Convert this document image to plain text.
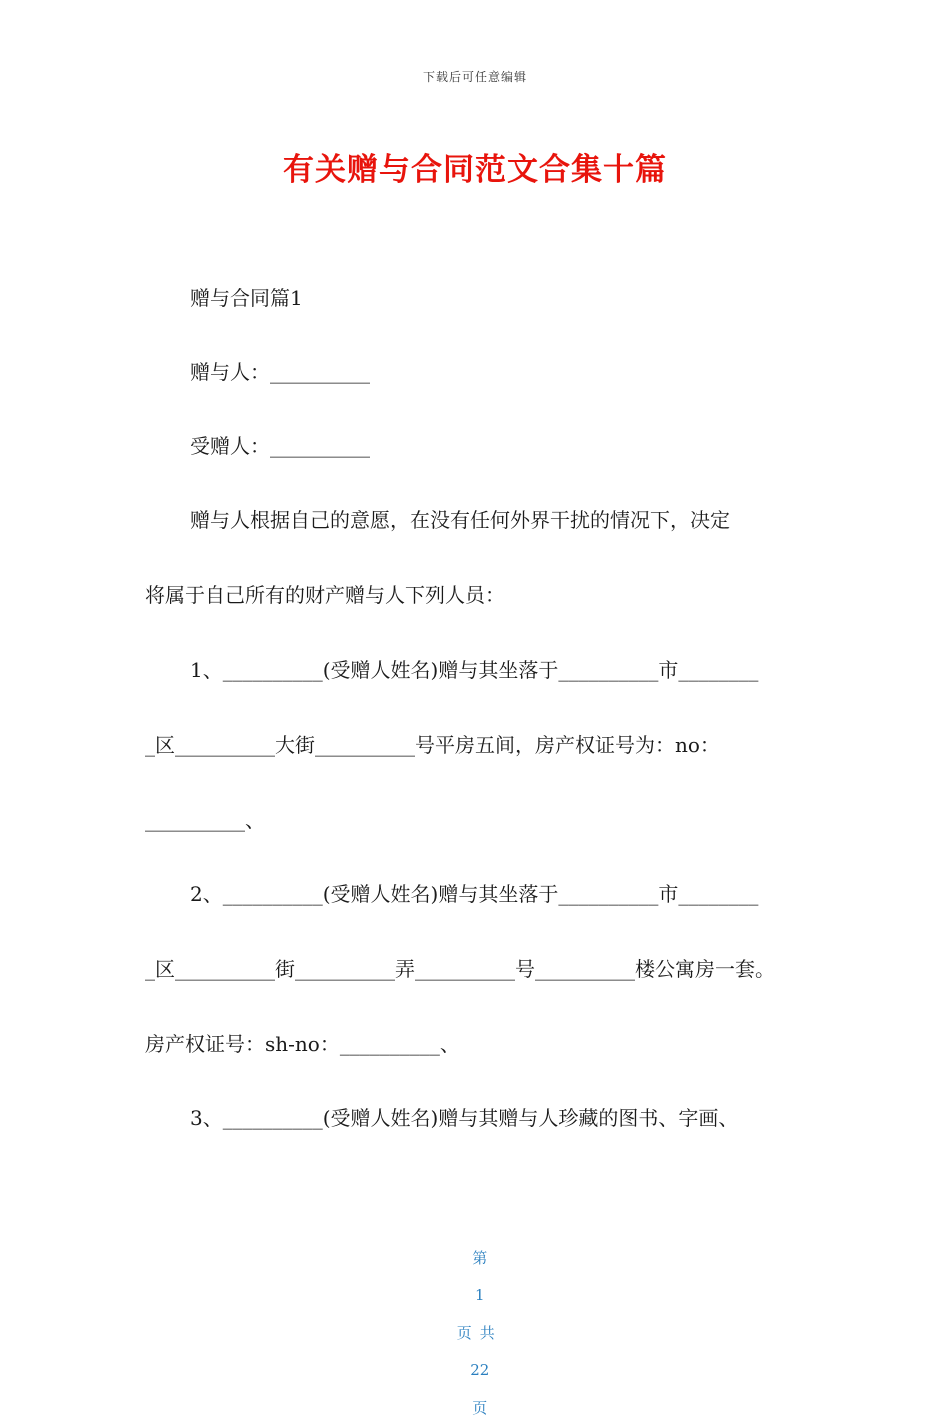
下载后可任意编辑
有关赠与合同范文合集十篇
赠与合同篇1
赠与人：__________
受赠人：__________
赠与人根据自己的意愿，在没有任何外界干扰的情况下，决定
将属于自己所有的财产赠与人下列人员：
1、__________(受赠人姓名)赠与其坐落于__________市________
_区__________大街__________号平房五间，房产权证号为：no：
__________、
2、__________(受赠人姓名)赠与其坐落于__________市________
_区__________街__________弄__________号__________楼公寓房一套。
房产权证号：sh-no：__________、
3、__________(受赠人姓名)赠与其赠与人珍藏的图书、字画、

第

1

页共

22

页
